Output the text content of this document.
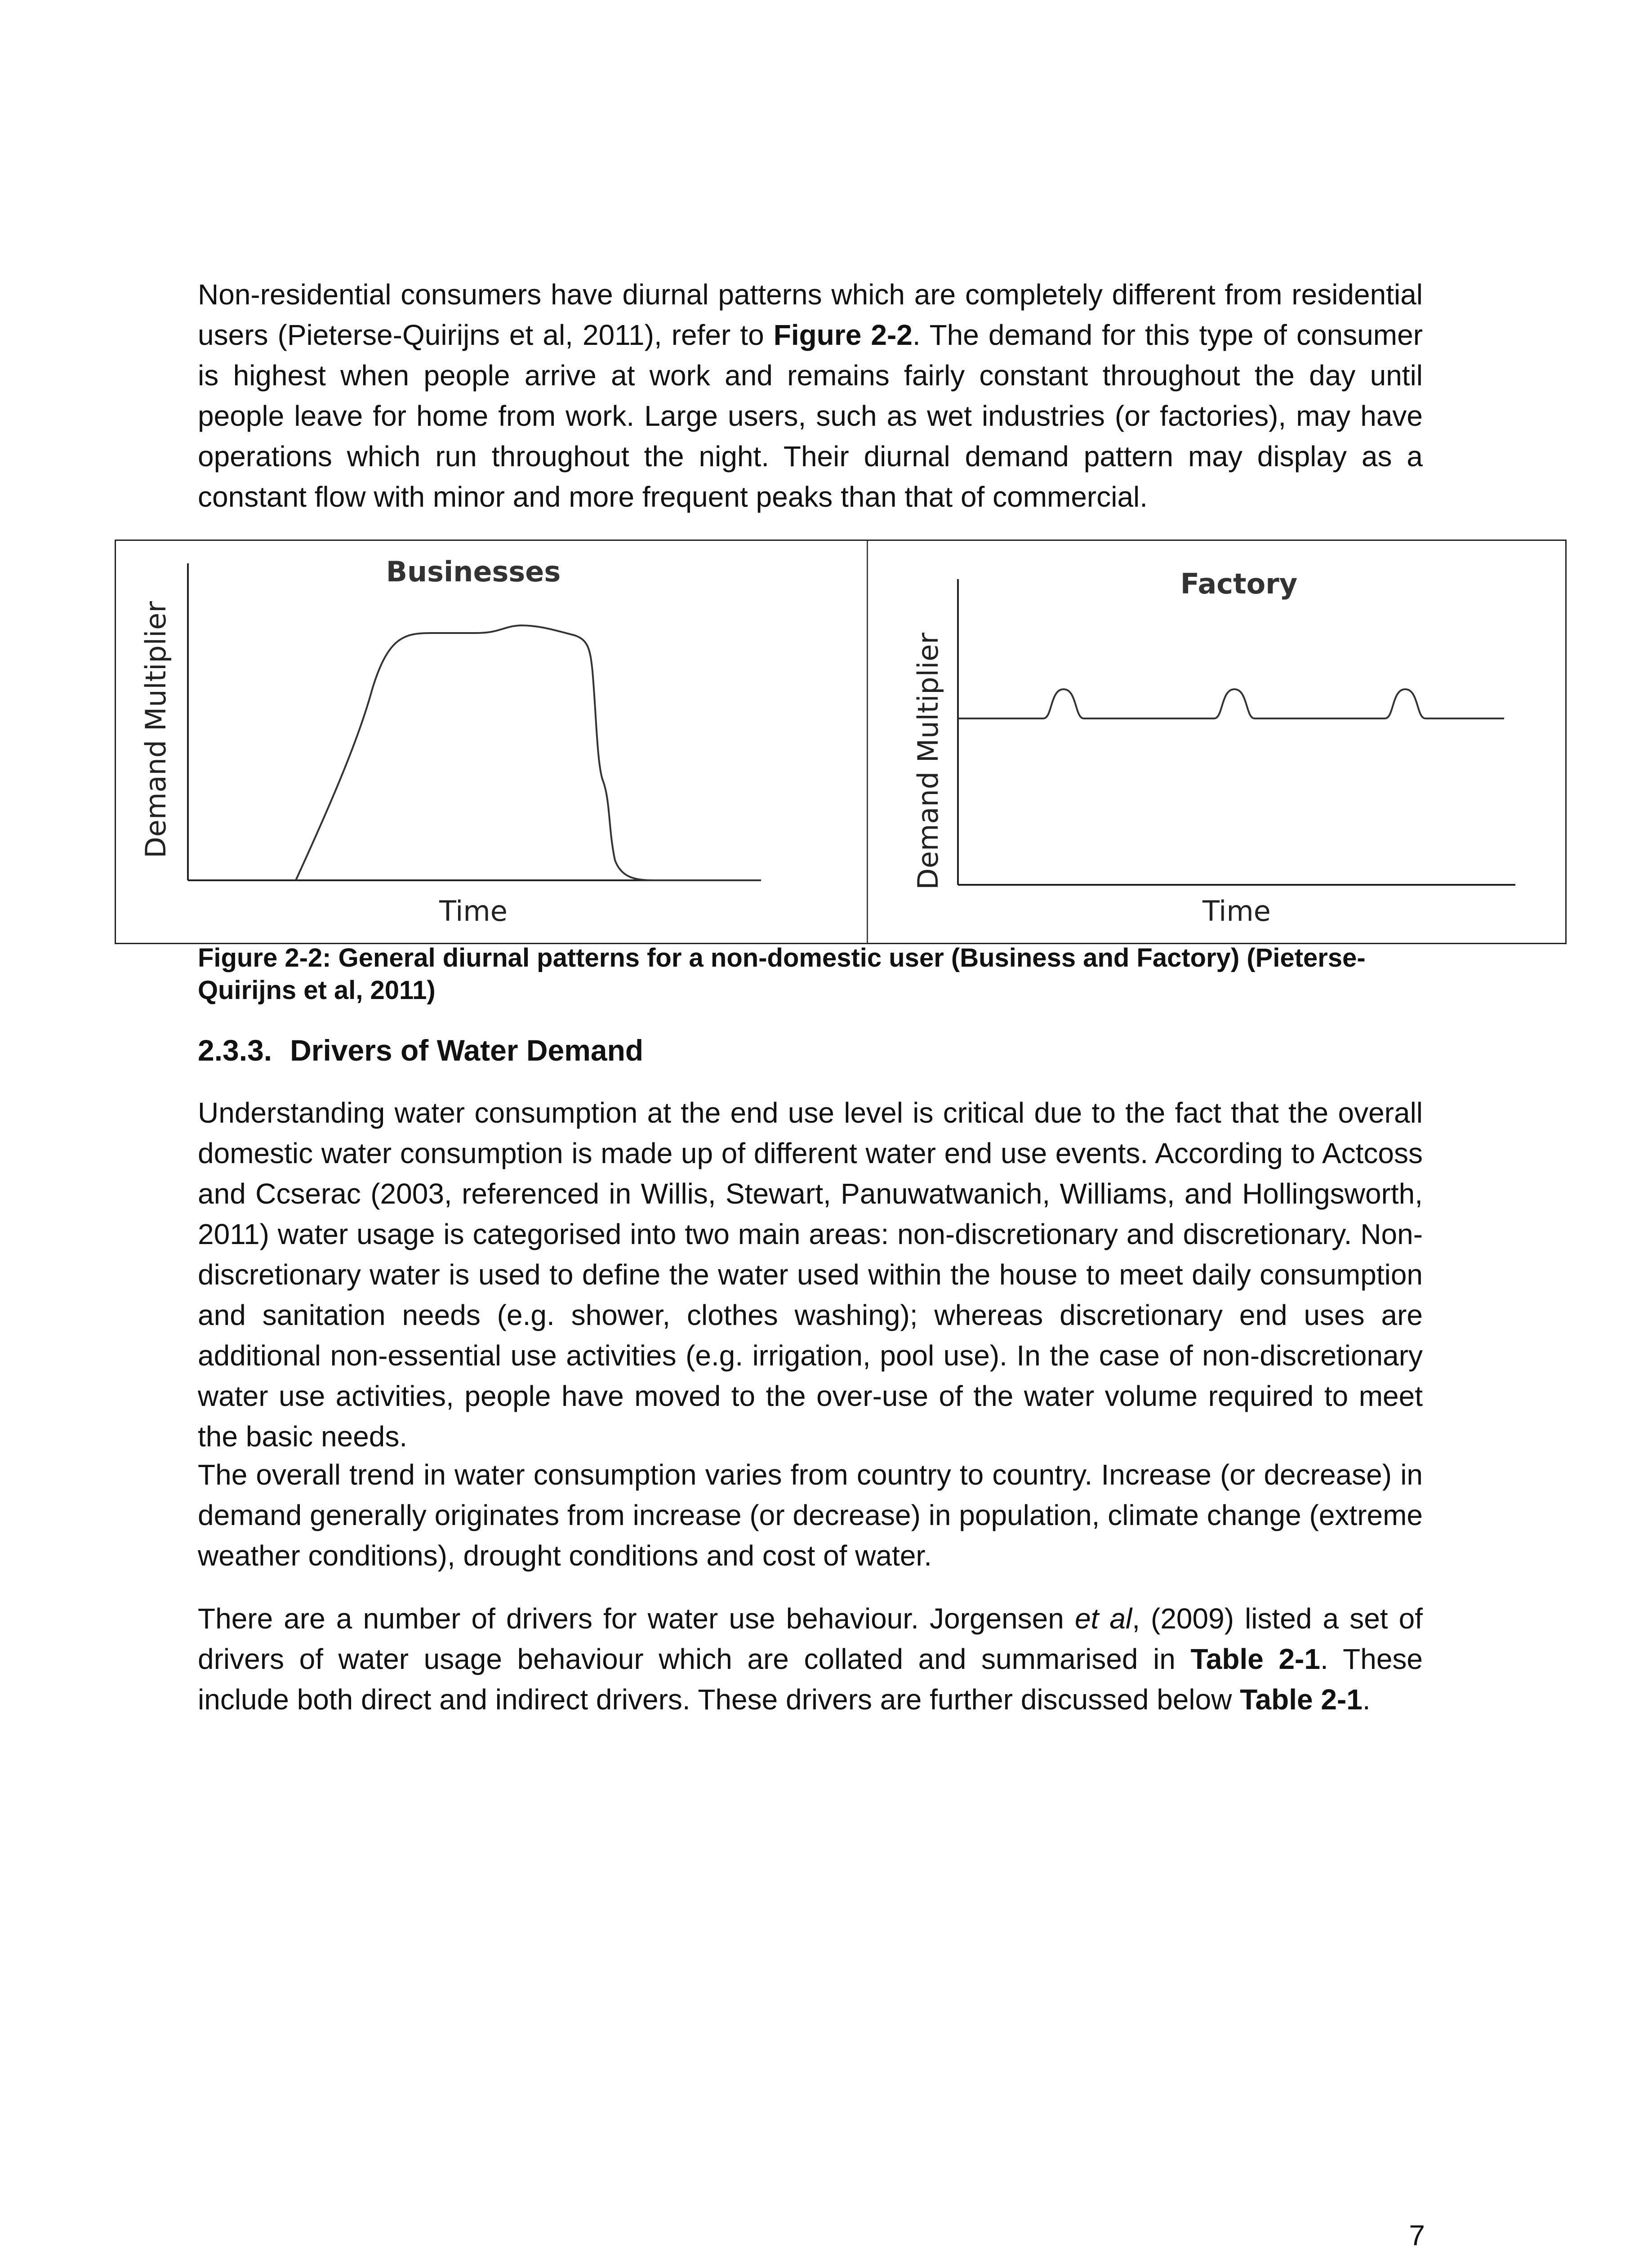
Non-residential consumers have diurnal patterns which are completely different from residential users (Pieterse-Quirijns et al, 2011), refer to Figure 2-2. The demand for this type of consumer is highest when people arrive at work and remains fairly constant throughout the day until people leave for home from work. Large users, such as wet industries (or factories), may have operations which run throughout the night. Their diurnal demand pattern may display as a constant flow with minor and more frequent peaks than that of commercial.

Businesses
Time
Demand Multiplier
Factory
Time
Demand Multiplier

Figure 2-2: General diurnal patterns for a non-domestic user (Business and Factory) (Pieterse-Quirijns et al, 2011)

2.3.3. Drivers of Water Demand

Understanding water consumption at the end use level is critical due to the fact that the overall domestic water consumption is made up of different water end use events. According to Actcoss and Ccserac (2003, referenced in Willis, Stewart, Panuwatwanich, Williams, and Hollingsworth, 2011) water usage is categorised into two main areas: non-discretionary and discretionary. Non-discretionary water is used to define the water used within the house to meet daily consumption and sanitation needs (e.g. shower, clothes washing); whereas discretionary end uses are additional non-essential use activities (e.g. irrigation, pool use). In the case of non-discretionary water use activities, people have moved to the over-use of the water volume required to meet the basic needs.

The overall trend in water consumption varies from country to country. Increase (or decrease) in demand generally originates from increase (or decrease) in population, climate change (extreme weather conditions), drought conditions and cost of water.

There are a number of drivers for water use behaviour. Jorgensen et al, (2009) listed a set of drivers of water usage behaviour which are collated and summarised in Table 2-1. These include both direct and indirect drivers. These drivers are further discussed below Table 2-1.

7
